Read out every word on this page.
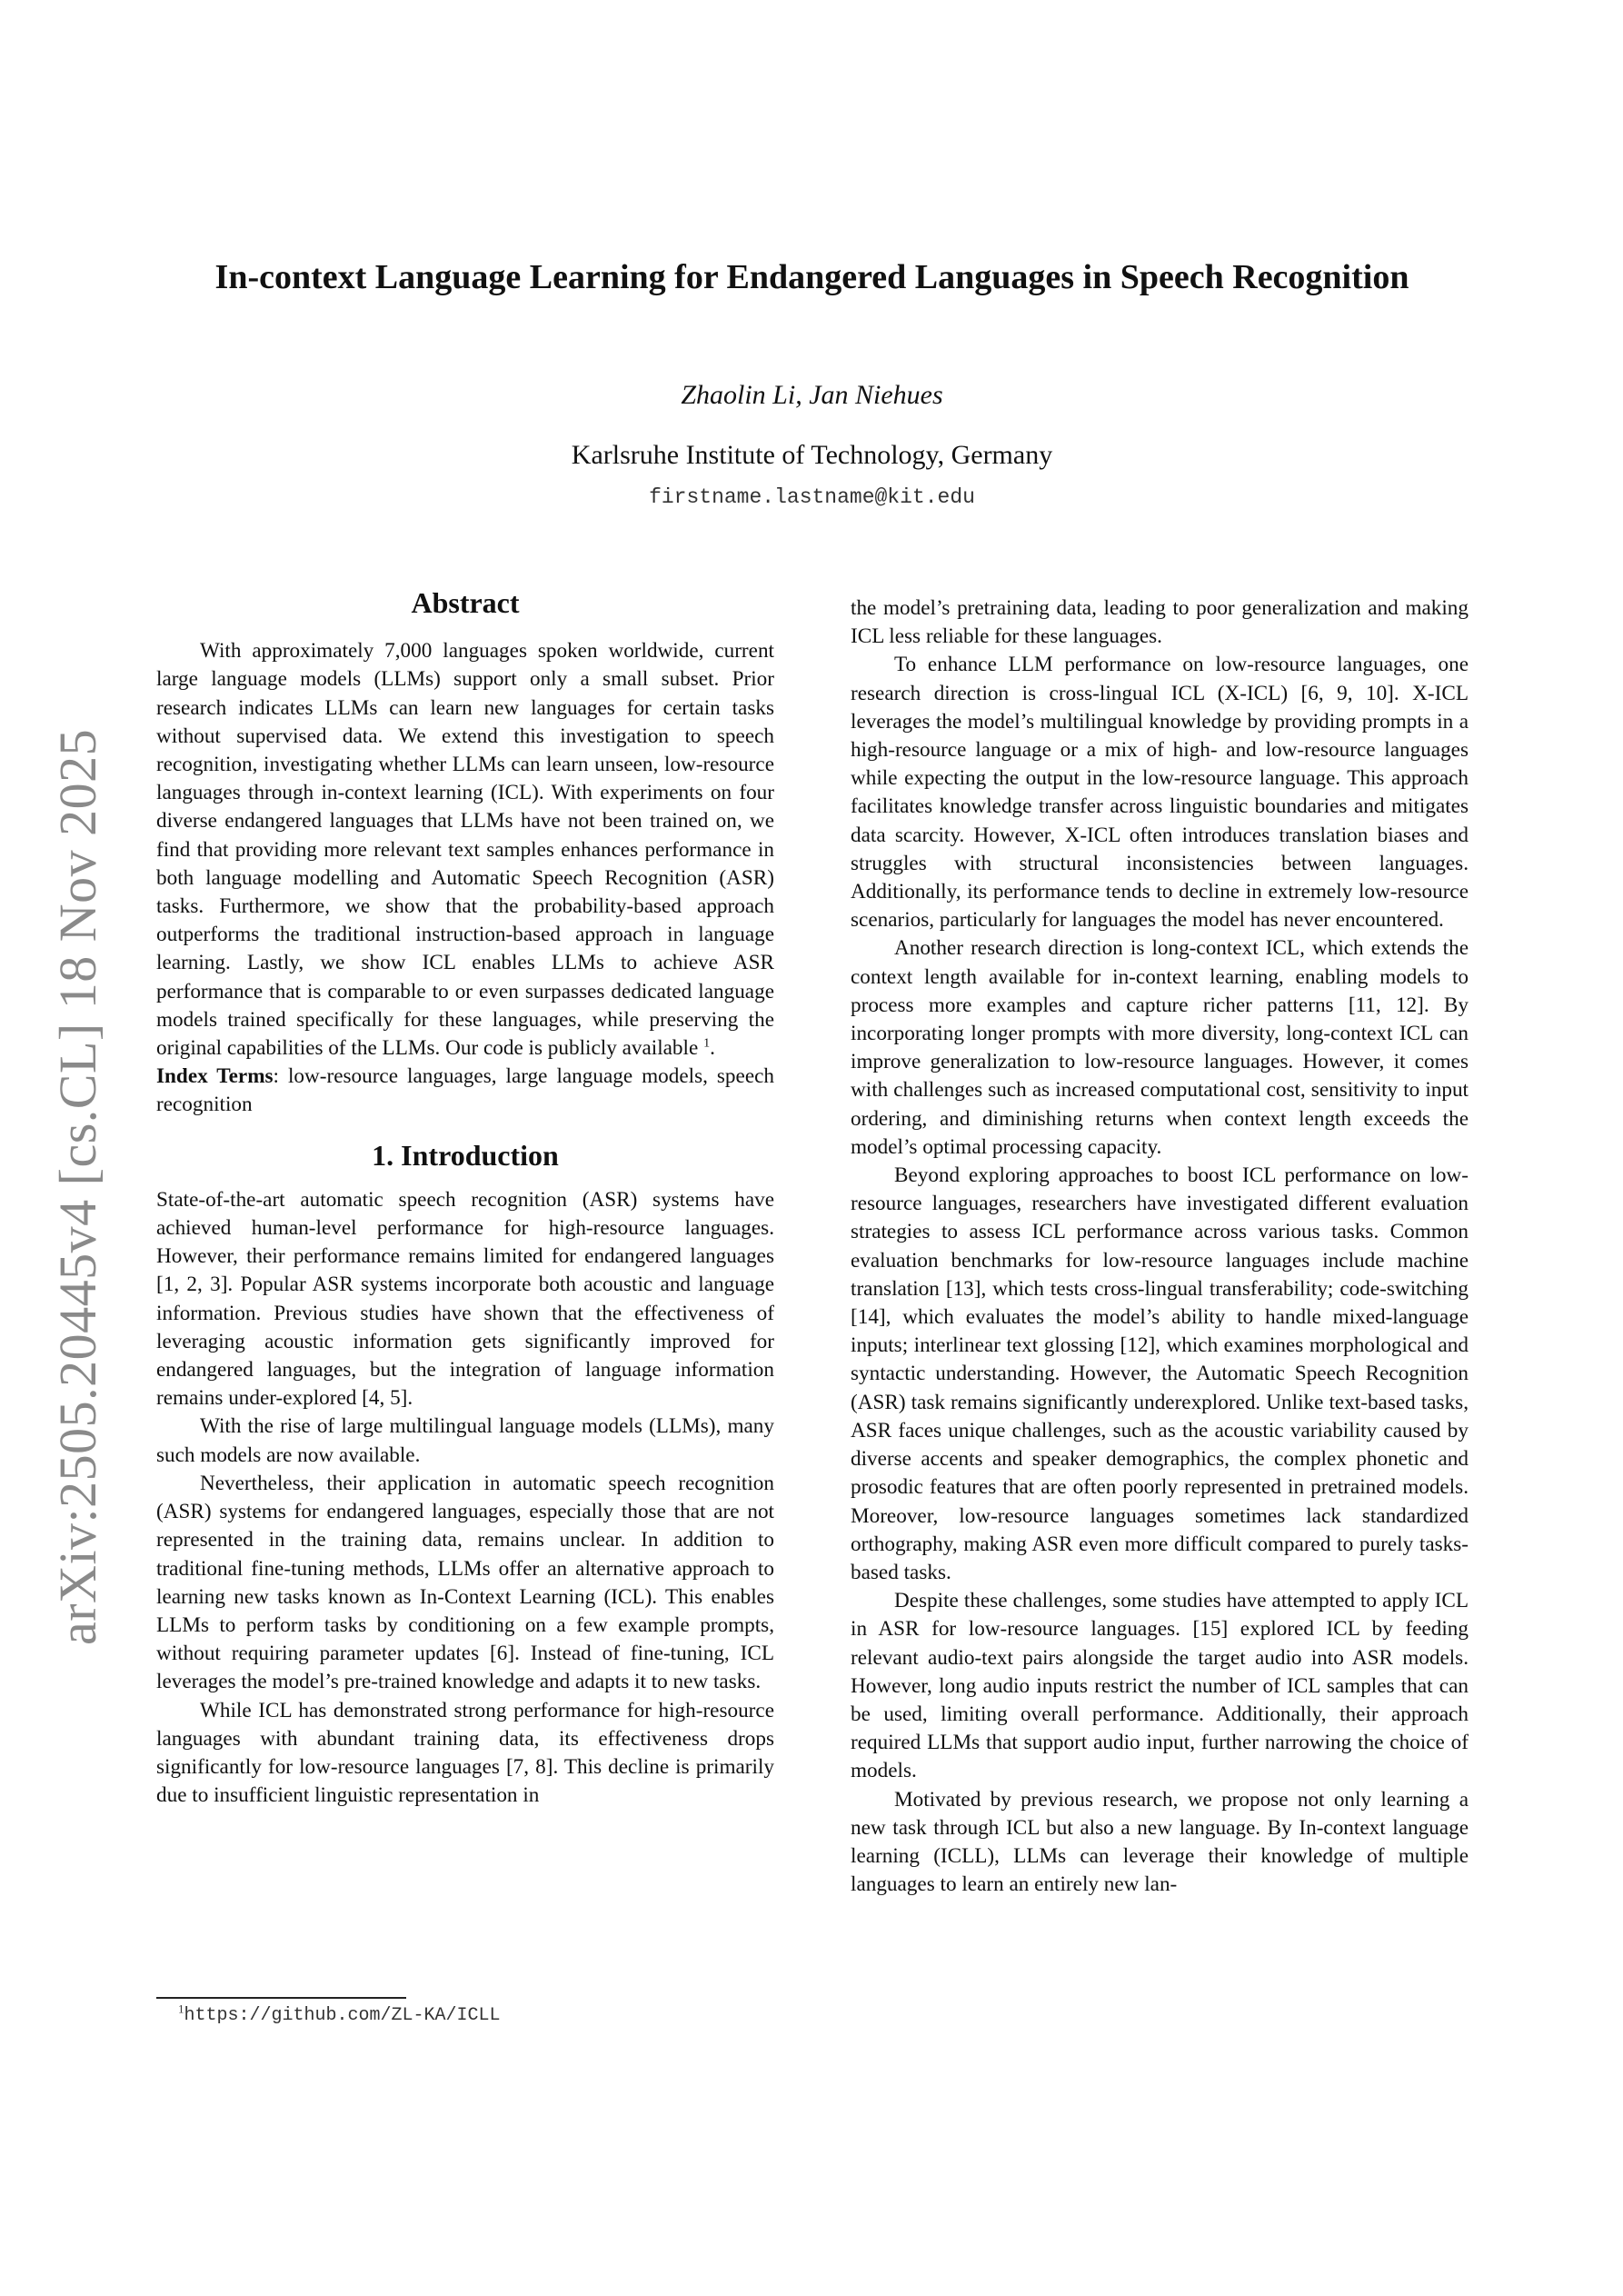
arXiv:2505.20445v4 [cs.CL] 18 Nov 2025
In-context Language Learning for Endangered Languages in Speech Recognition
Zhaolin Li, Jan Niehues
Karlsruhe Institute of Technology, Germany
firstname.lastname@kit.edu
Abstract

With approximately 7,000 languages spoken worldwide, current large language models (LLMs) support only a small subset. Prior research indicates LLMs can learn new languages for certain tasks without supervised data. We extend this investigation to speech recognition, investigating whether LLMs can learn unseen, low-resource languages through in-context learning (ICL). With experiments on four diverse endangered languages that LLMs have not been trained on, we find that providing more relevant text samples enhances performance in both language modelling and Automatic Speech Recognition (ASR) tasks. Furthermore, we show that the probability-based approach outperforms the traditional instruction-based approach in language learning. Lastly, we show ICL enables LLMs to achieve ASR performance that is comparable to or even surpasses dedicated language models trained specifically for these languages, while preserving the original capabilities of the LLMs. Our code is publicly available $^1$.

Index Terms: low-resource languages, large language models, speech recognition

1. Introduction

State-of-the-art automatic speech recognition (ASR) systems have achieved human-level performance for high-resource languages. However, their performance remains limited for endangered languages [1, 2, 3]. Popular ASR systems incorporate both acoustic and language information. Previous studies have shown that the effectiveness of leveraging acoustic information gets significantly improved for endangered languages, but the integration of language information remains under-explored [4, 5].

With the rise of large multilingual language models (LLMs), many such models are now available.

Nevertheless, their application in automatic speech recognition (ASR) systems for endangered languages, especially those that are not represented in the training data, remains unclear. In addition to traditional fine-tuning methods, LLMs offer an alternative approach to learning new tasks known as In-Context Learning (ICL). This enables LLMs to perform tasks by conditioning on a few example prompts, without requiring parameter updates [6]. Instead of fine-tuning, ICL leverages the model’s pre-trained knowledge and adapts it to new tasks.

While ICL has demonstrated strong performance for high-resource languages with abundant training data, its effectiveness drops significantly for low-resource languages [7, 8]. This decline is primarily due to insufficient linguistic representation in

the model’s pretraining data, leading to poor generalization and making ICL less reliable for these languages.

To enhance LLM performance on low-resource languages, one research direction is cross-lingual ICL (X-ICL) [6, 9, 10]. X-ICL leverages the model’s multilingual knowledge by providing prompts in a high-resource language or a mix of high- and low-resource languages while expecting the output in the low-resource language. This approach facilitates knowledge transfer across linguistic boundaries and mitigates data scarcity. However, X-ICL often introduces translation biases and struggles with structural inconsistencies between languages. Additionally, its performance tends to decline in extremely low-resource scenarios, particularly for languages the model has never encountered.

Another research direction is long-context ICL, which extends the context length available for in-context learning, enabling models to process more examples and capture richer patterns [11, 12]. By incorporating longer prompts with more diversity, long-context ICL can improve generalization to low-resource languages. However, it comes with challenges such as increased computational cost, sensitivity to input ordering, and diminishing returns when context length exceeds the model’s optimal processing capacity.

Beyond exploring approaches to boost ICL performance on low-resource languages, researchers have investigated different evaluation strategies to assess ICL performance across various tasks. Common evaluation benchmarks for low-resource languages include machine translation [13], which tests cross-lingual transferability; code-switching [14], which evaluates the model’s ability to handle mixed-language inputs; interlinear text glossing [12], which examines morphological and syntactic understanding. However, the Automatic Speech Recognition (ASR) task remains significantly underexplored. Unlike text-based tasks, ASR faces unique challenges, such as the acoustic variability caused by diverse accents and speaker demographics, the complex phonetic and prosodic features that are often poorly represented in pretrained models. Moreover, low-resource languages sometimes lack standardized orthography, making ASR even more difficult compared to purely tasks-based tasks.

Despite these challenges, some studies have attempted to apply ICL in ASR for low-resource languages. [15] explored ICL by feeding relevant audio-text pairs alongside the target audio into ASR models. However, long audio inputs restrict the number of ICL samples that can be used, limiting overall performance. Additionally, their approach required LLMs that support audio input, further narrowing the choice of models.

Motivated by previous research, we propose not only learning a new task through ICL but also a new language. By In-context language learning (ICLL), LLMs can leverage their knowledge of multiple languages to learn an entirely new lan-

$^1$https://github.com/ZL-KA/ICLL
